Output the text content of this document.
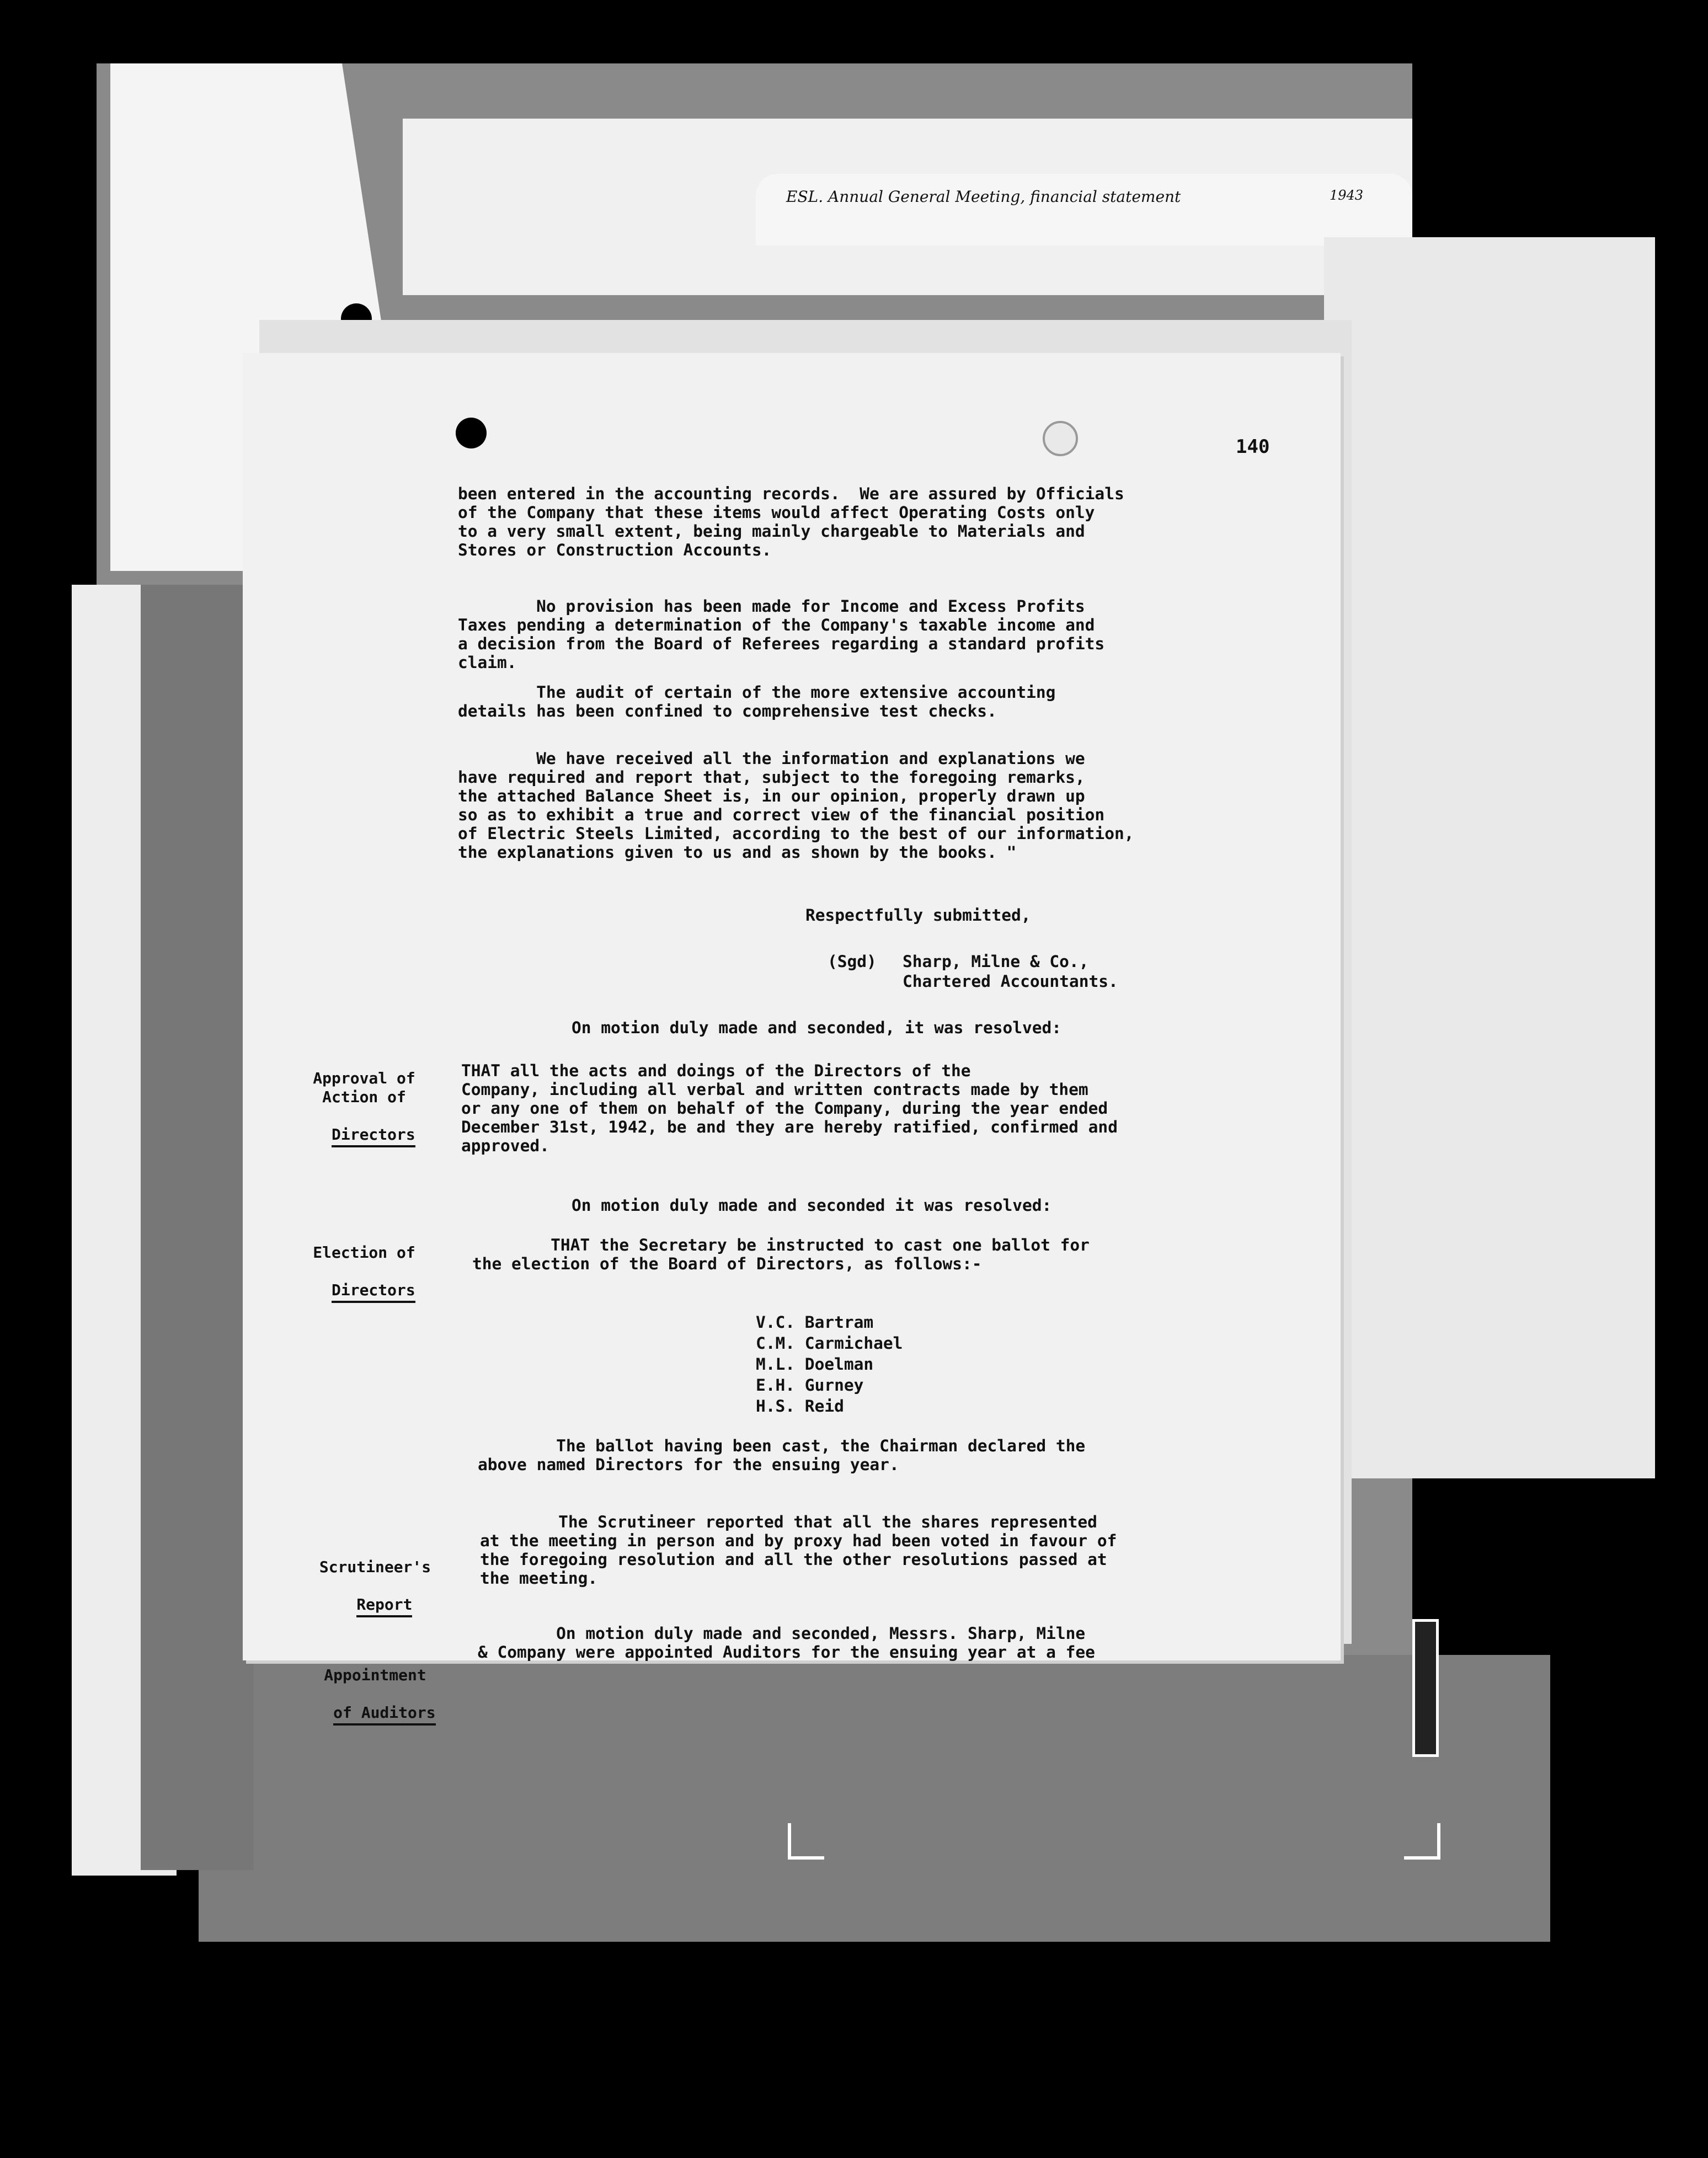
ESL. Annual General Meeting, financial statement	1943
140
been entered in the accounting records.  We are assured by Officials
of the Company that these items would affect Operating Costs only
to a very small extent, being mainly chargeable to Materials and
Stores or Construction Accounts.
No provision has been made for Income and Excess Profits
Taxes pending a determination of the Company's taxable income and
a decision from the Board of Referees regarding a standard profits
claim.
The audit of certain of the more extensive accounting
details has been confined to comprehensive test checks.
We have received all the information and explanations we
have required and report that, subject to the foregoing remarks,
the attached Balance Sheet is, in our opinion, properly drawn up
so as to exhibit a true and correct view of the financial position
of Electric Steels Limited, according to the best of our information,
the explanations given to us and as shown by the books. "
Respectfully submitted,
(Sgd) Sharp, Milne & Co.,
Chartered Accountants.

Approval of
Action of

Directors

On motion duly made and seconded, it was resolved:
THAT all the acts and doings of the Directors of the
Company, including all verbal and written contracts made by them
or any one of them on behalf of the Company, during the year ended
December 31st, 1942, be and they are hereby ratified, confirmed and
approved.

Election of

Directors

On motion duly made and seconded it was resolved:
THAT the Secretary be instructed to cast one ballot for
the election of the Board of Directors, as follows:-
V.C. Bartram
C.M. Carmichael
M.L. Doelman
E.H. Gurney
H.S. Reid
The ballot having been cast, the Chairman declared the
above named Directors for the ensuing year.

Scrutineer's

Report

The Scrutineer reported that all the shares represented
at the meeting in person and by proxy had been voted in favour of
the foregoing resolution and all the other resolutions passed at
the meeting.

Appointment

of Auditors

On motion duly made and seconded, Messrs. Sharp, Milne
& Company were appointed Auditors for the ensuing year at a fee
